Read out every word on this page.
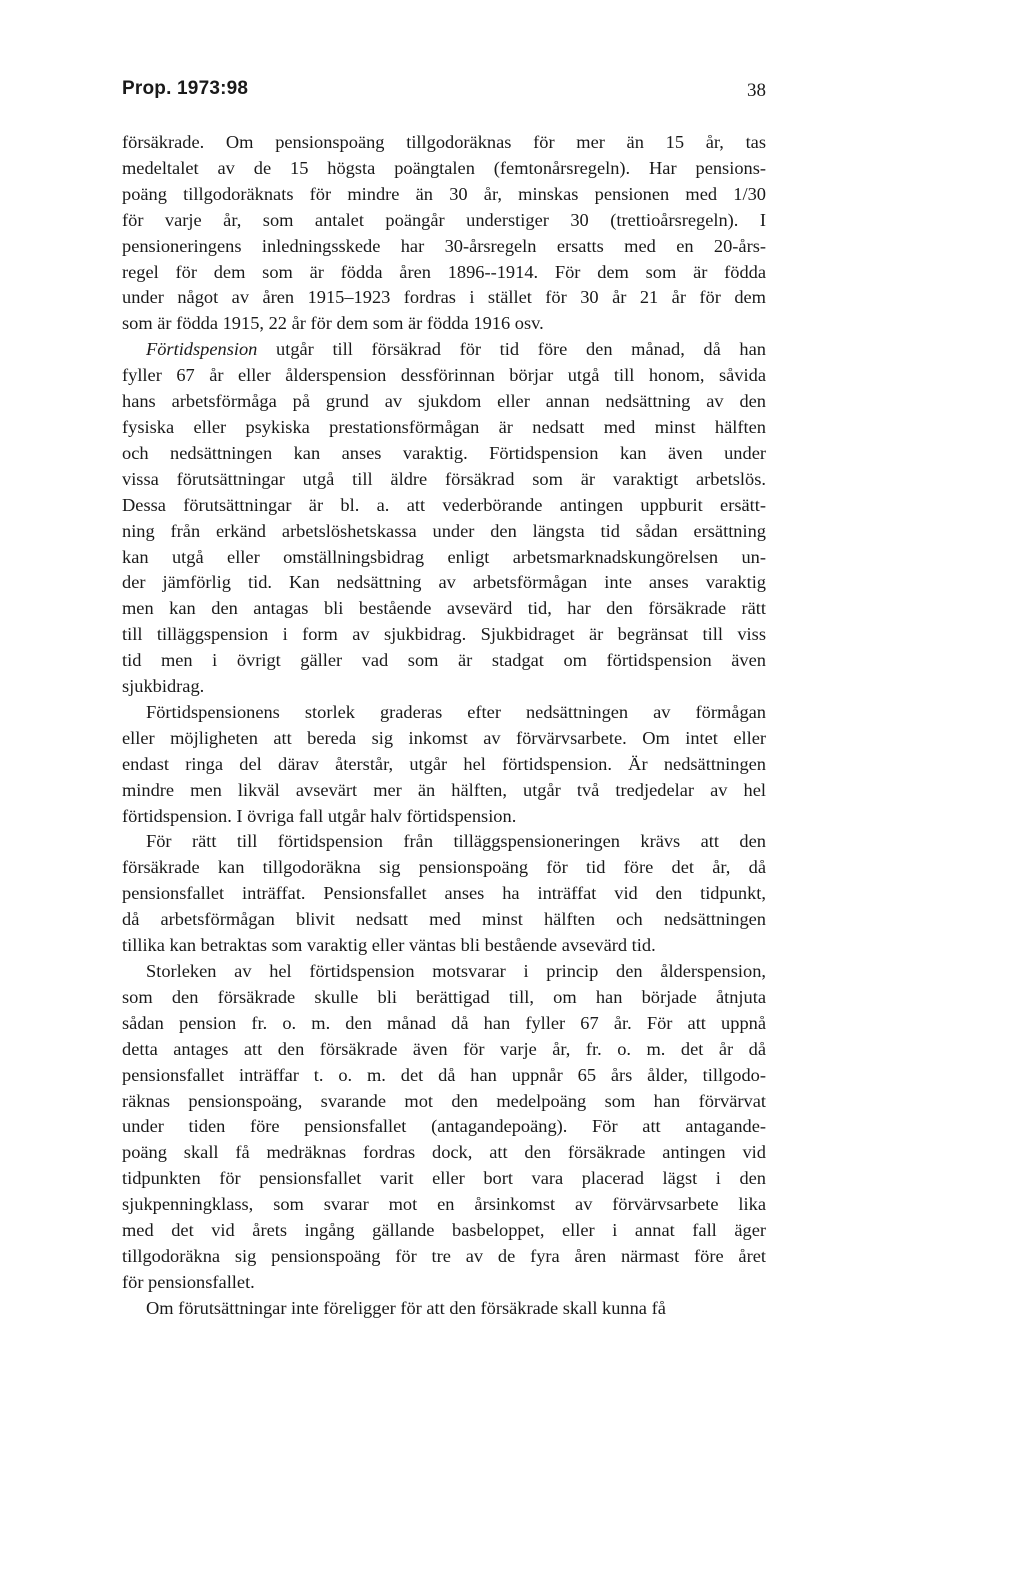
Prop. 1973:98	38

försäkrade. Om pensionspoäng tillgodoräknas för mer än 15 år, tas
medeltalet av de 15 högsta poängtalen (femtonårsregeln). Har pensions-
poäng tillgodoräknats för mindre än 30 år, minskas pensionen med 1/30
för varje år, som antalet poängår understiger 30 (trettioårsregeln). I
pensioneringens inledningsskede har 30-årsregeln ersatts med en 20-års-
regel för dem som är födda åren 1896--1914. För dem som är födda
under något av åren 1915–1923 fordras i stället för 30 år 21 år för dem
som är födda 1915, 22 år för dem som är födda 1916 osv.

Förtidspension utgår till försäkrad för tid före den månad, då han
fyller 67 år eller ålderspension dessförinnan börjar utgå till honom, såvida
hans arbetsförmåga på grund av sjukdom eller annan nedsättning av den
fysiska eller psykiska prestationsförmågan är nedsatt med minst hälften
och nedsättningen kan anses varaktig. Förtidspension kan även under
vissa förutsättningar utgå till äldre försäkrad som är varaktigt arbetslös.
Dessa förutsättningar är bl. a. att vederbörande antingen uppburit ersätt-
ning från erkänd arbetslöshetskassa under den längsta tid sådan ersättning
kan utgå eller omställningsbidrag enligt arbetsmarknadskungörelsen un-
der jämförlig tid. Kan nedsättning av arbetsförmågan inte anses varaktig
men kan den antagas bli bestående avsevärd tid, har den försäkrade rätt
till tilläggspension i form av sjukbidrag. Sjukbidraget är begränsat till viss
tid men i övrigt gäller vad som är stadgat om förtidspension även
sjukbidrag.

Förtidspensionens storlek graderas efter nedsättningen av förmågan
eller möjligheten att bereda sig inkomst av förvärvsarbete. Om intet eller
endast ringa del därav återstår, utgår hel förtidspension. Är nedsättningen
mindre men likväl avsevärt mer än hälften, utgår två tredjedelar av hel
förtidspension. I övriga fall utgår halv förtidspension.

För rätt till förtidspension från tilläggspensioneringen krävs att den
försäkrade kan tillgodoräkna sig pensionspoäng för tid före det år, då
pensionsfallet inträffat. Pensionsfallet anses ha inträffat vid den tidpunkt,
då arbetsförmågan blivit nedsatt med minst hälften och nedsättningen
tillika kan betraktas som varaktig eller väntas bli bestående avsevärd tid.

Storleken av hel förtidspension motsvarar i princip den ålderspension,
som den försäkrade skulle bli berättigad till, om han började åtnjuta
sådan pension fr. o. m. den månad då han fyller 67 år. För att uppnå
detta antages att den försäkrade även för varje år, fr. o. m. det år då
pensionsfallet inträffar t. o. m. det då han uppnår 65 års ålder, tillgodo-
räknas pensionspoäng, svarande mot den medelpoäng som han förvärvat
under tiden före pensionsfallet (antagandepoäng). För att antagande-
poäng skall få medräknas fordras dock, att den försäkrade antingen vid
tidpunkten för pensionsfallet varit eller bort vara placerad lägst i den
sjukpenningklass, som svarar mot en årsinkomst av förvärvsarbete lika
med det vid årets ingång gällande basbeloppet, eller i annat fall äger
tillgodoräkna sig pensionspoäng för tre av de fyra åren närmast före året
för pensionsfallet.

Om förutsättningar inte föreligger för att den försäkrade skall kunna få
